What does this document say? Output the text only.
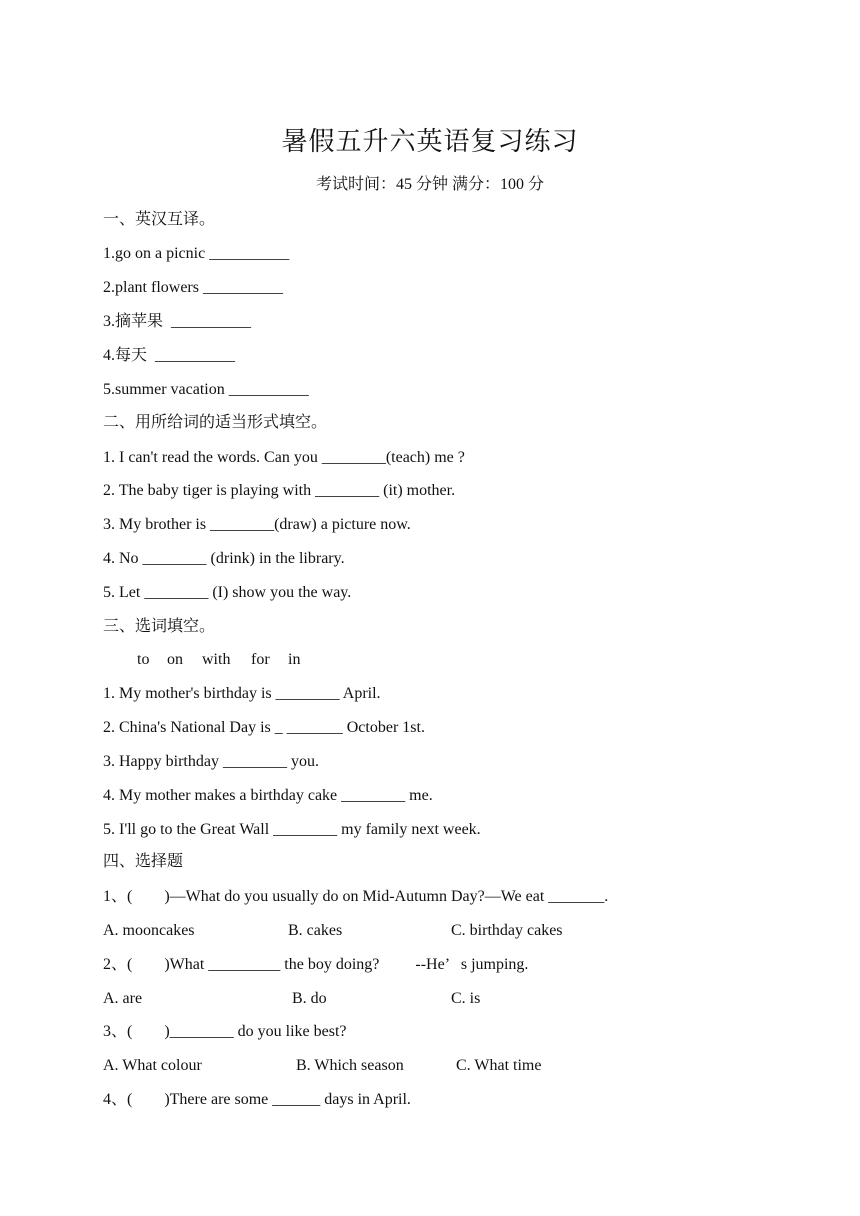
暑假五升六英语复习练习
考试时间：45 分钟 满分：100 分
一、英汉互译。
1.go on a picnic __________
2.plant flowers __________
3.摘苹果  __________
4.每天  __________
5.summer vacation __________
二、用所给词的适当形式填空。
1. I can't read the words. Can you ________(teach) me ?
2. The baby tiger is playing with ________ (it) mother.
3. My brother is ________(draw) a picture now.
4. No ________ (drink) in the library.
5. Let ________ (I) show you the way.
三、选词填空。
to on with for in
1. My mother's birthday is ________ April.
2. China's National Day is _ _______ October 1st.
3. Happy birthday ________ you.
4. My mother makes a birthday cake ________ me.
5. I'll go to the Great Wall ________ my family next week.
四、选择题
1、(        )—What do you usually do on Mid-Autumn Day?—We eat _______.
A. mooncakes	B. cakes	C. birthday cakes
2、(        )What _________ the boy doing?         --He’   s jumping.
A. are	B. do	C. is
3、(        )________ do you like best?
A. What colour	B. Which season	C. What time
4、(        )There are some ______ days in April.
